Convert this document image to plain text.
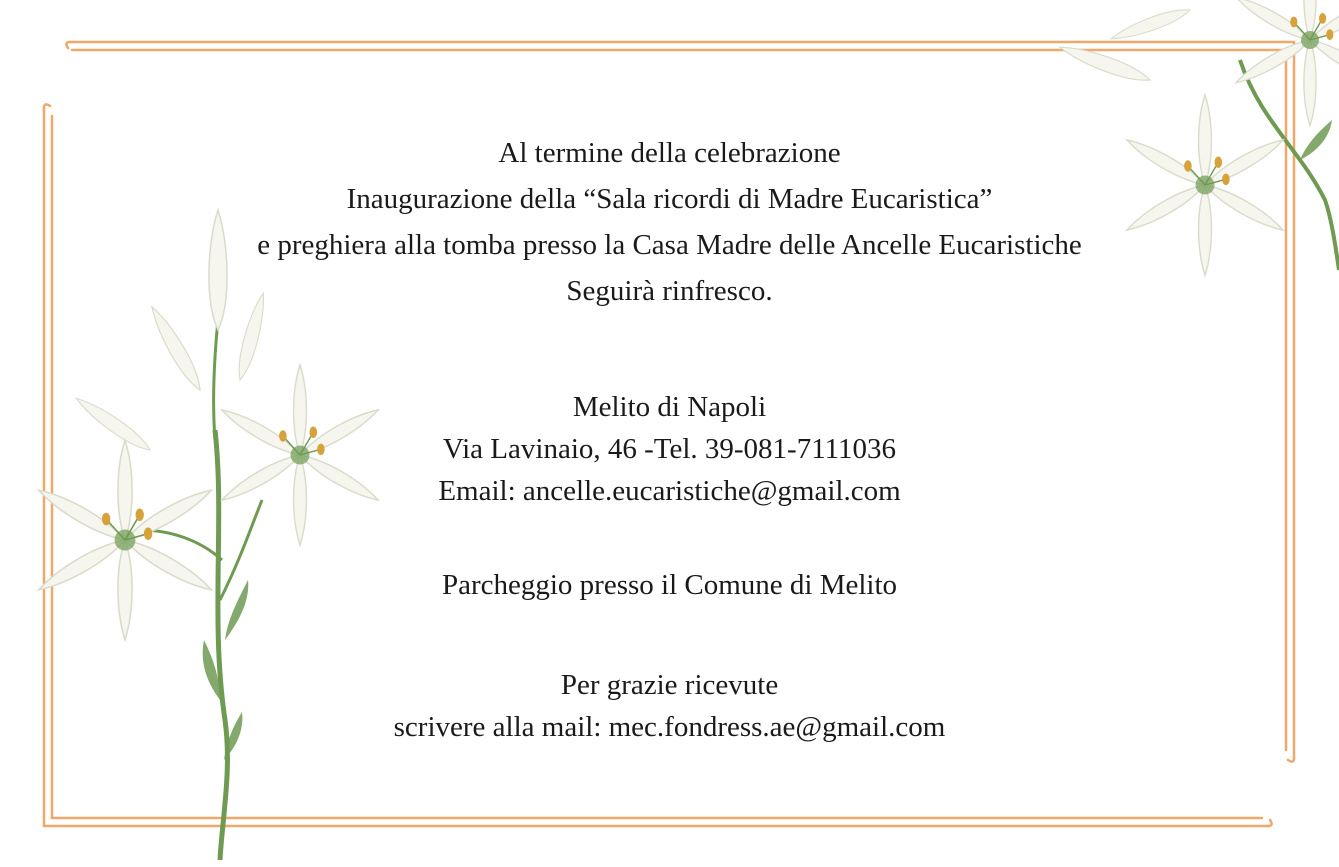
Al termine della celebrazione
Inaugurazione della “Sala ricordi di Madre Eucaristica”
e preghiera alla tomba presso la Casa Madre delle Ancelle Eucaristiche
Seguirà rinfresco.
Melito di Napoli
Via Lavinaio, 46 -Tel. 39-081-7111036
Email: ancelle.eucaristiche@gmail.com
Parcheggio presso il Comune di Melito
Per grazie ricevute
scrivere alla mail: mec.fondress.ae@gmail.com
